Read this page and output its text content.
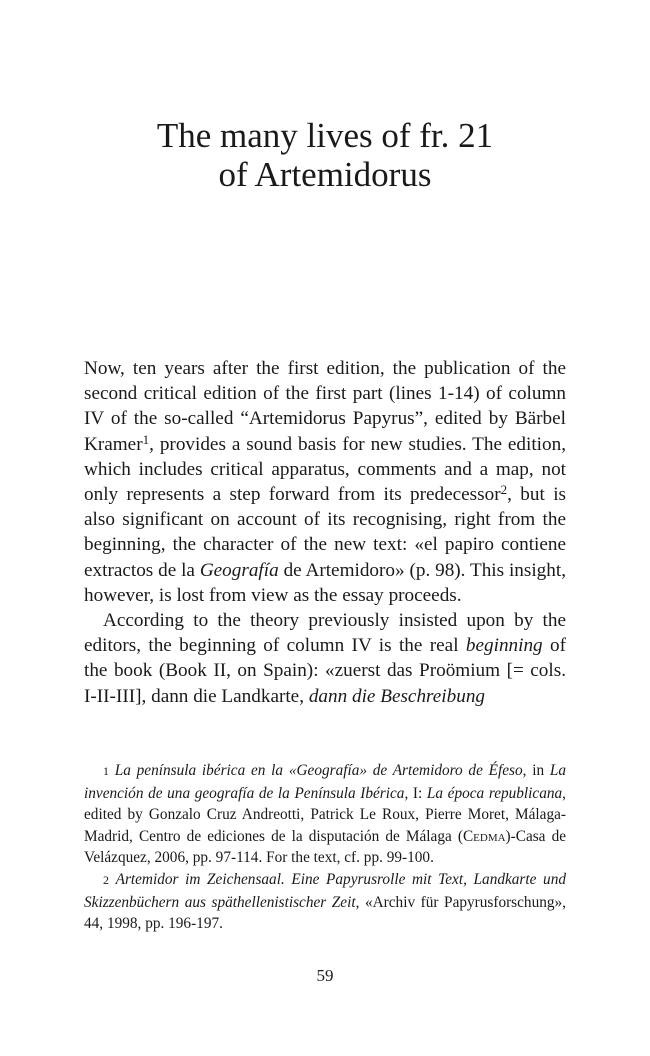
The many lives of fr. 21
of Artemidorus

Now, ten years after the first edition, the publication of the second critical edition of the first part (lines 1-14) of column IV of the so-called “Artemidorus Papyrus”, edited by Bärbel Kramer$^1$, provides a sound basis for new studies. The edition, which includes critical apparatus, comments and a map, not only represents a step forward from its predecessor$^2$, but is also significant on account of its recognising, right from the beginning, the character of the new text: «el papiro contiene extractos de la Geografía de Artemidoro» (p. 98). This insight, however, is lost from view as the essay proceeds.

According to the theory previously insisted upon by the editors, the beginning of column IV is the real beginning of the book (Book II, on Spain): «zuerst das Proömium [= cols. I-II-III], dann die Landkarte, dann die Beschreibung

1 La península ibérica en la «Geografía» de Artemidoro de Éfeso, in La invención de una geografía de la Península Ibérica, I: La época republicana, edited by Gonzalo Cruz Andreotti, Patrick Le Roux, Pierre Moret, Málaga-Madrid, Centro de ediciones de la disputación de Málaga (Cedma)-Casa de Velázquez, 2006, pp. 97-114. For the text, cf. pp. 99-100.

2 Artemidor im Zeichensaal. Eine Papyrusrolle mit Text, Landkarte und Skizzenbüchern aus späthellenistischer Zeit, «Archiv für Papyrusforschung», 44, 1998, pp. 196-197.

59
